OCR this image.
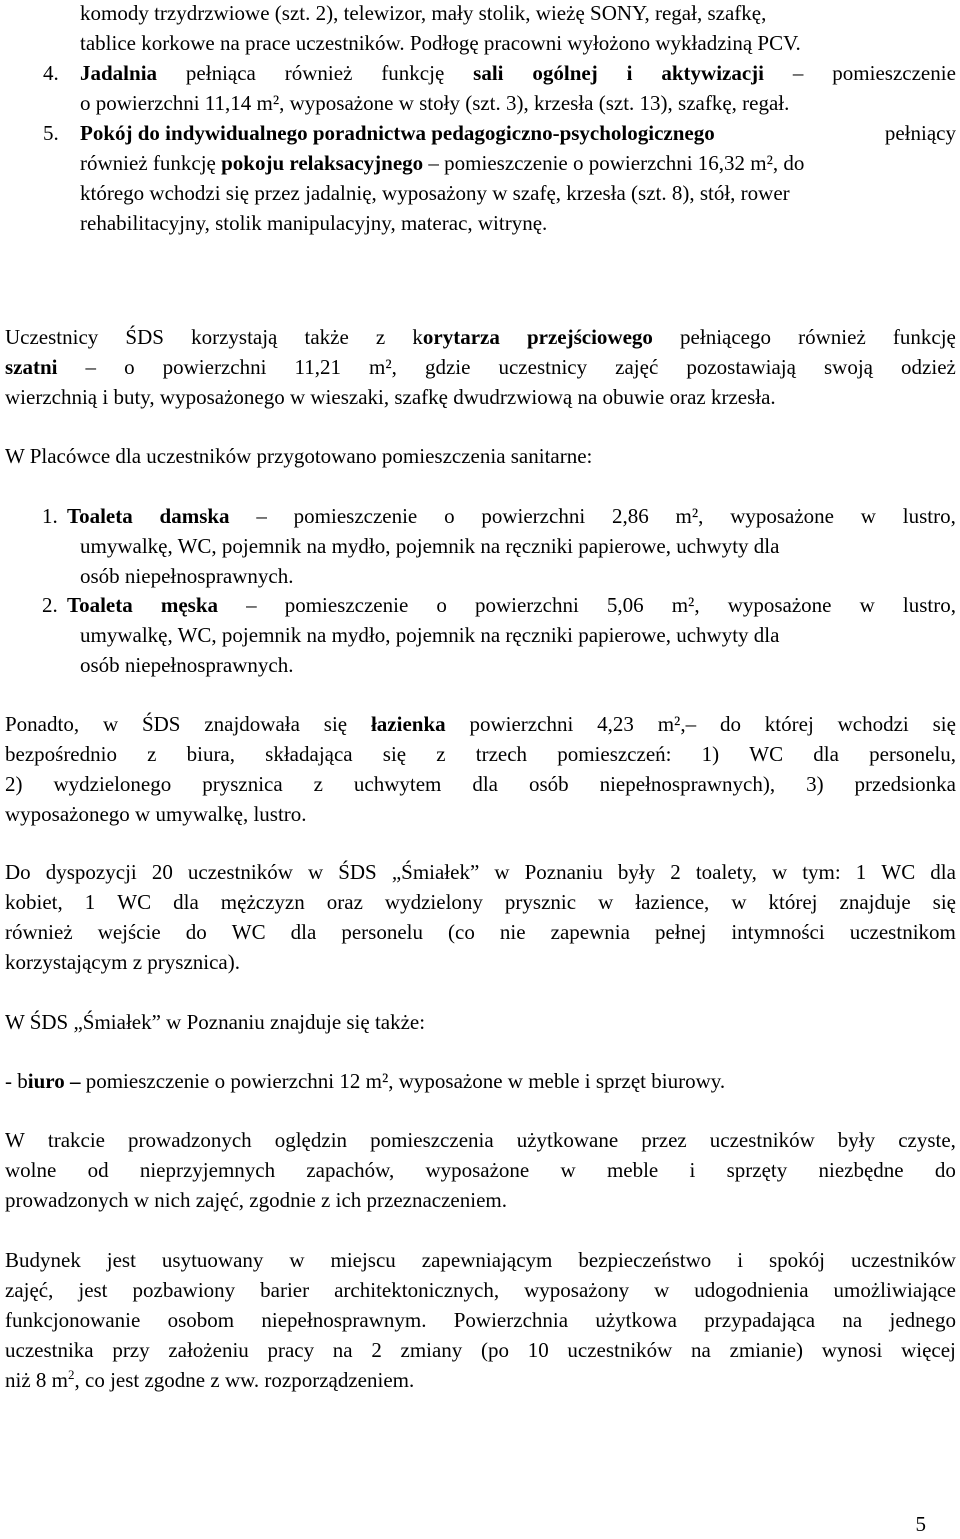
komody trzydrzwiowe (szt. 2), telewizor, mały stolik, wieżę SONY, regał, szafkę,
tablice korkowe na prace uczestników. Podłogę pracowni wyłożono wykładziną PCV.
4.	Jadalnia pełniąca również funkcję sali ogólnej i aktywizacji – pomieszczenie
o powierzchni 11,14 m², wyposażone w stoły (szt. 3), krzesła (szt. 13), szafkę, regał.
5.	Pokój do indywidualnego poradnictwa pedagogiczno-psychologicznego	pełniący
również funkcję pokoju relaksacyjnego – pomieszczenie o powierzchni 16,32 m², do
którego wchodzi się przez jadalnię, wyposażony w szafę, krzesła (szt. 8), stół, rower
rehabilitacyjny, stolik manipulacyjny, materac, witrynę.
Uczestnicy ŚDS korzystają także z korytarza przejściowego pełniącego również funkcję
szatni – o powierzchni 11,21 m², gdzie uczestnicy zajęć pozostawiają swoją odzież
wierzchnią i buty, wyposażonego w wieszaki, szafkę dwudrzwiową na obuwie oraz krzesła.
W Placówce dla uczestników przygotowano pomieszczenia sanitarne:
1. Toaleta damska – pomieszczenie o powierzchni 2,86 m², wyposażone w lustro,
umywalkę, WC, pojemnik na mydło, pojemnik na ręczniki papierowe, uchwyty dla
osób niepełnosprawnych.
2. Toaleta męska – pomieszczenie o powierzchni 5,06 m², wyposażone w lustro,
umywalkę, WC, pojemnik na mydło, pojemnik na ręczniki papierowe, uchwyty dla
osób niepełnosprawnych.
Ponadto, w ŚDS znajdowała się łazienka powierzchni 4,23 m²,– do której wchodzi się
bezpośrednio z biura, składająca się z trzech pomieszczeń: 1) WC dla personelu,
2) wydzielonego prysznica z uchwytem dla osób niepełnosprawnych), 3) przedsionka
wyposażonego w umywalkę, lustro.
Do dyspozycji 20 uczestników w ŚDS „Śmiałek” w Poznaniu były 2 toalety, w tym: 1 WC dla
kobiet, 1 WC dla mężczyzn oraz wydzielony prysznic w łazience, w której znajduje się
również wejście do WC dla personelu (co nie zapewnia pełnej intymności uczestnikom
korzystającym z prysznica).
W ŚDS „Śmiałek” w Poznaniu znajduje się także:
- biuro – pomieszczenie o powierzchni 12 m², wyposażone w meble i sprzęt biurowy.
W trakcie prowadzonych oględzin pomieszczenia użytkowane przez uczestników były czyste,
wolne od nieprzyjemnych zapachów, wyposażone w meble i sprzęty niezbędne do
prowadzonych w nich zajęć, zgodnie z ich przeznaczeniem.
Budynek jest usytuowany w miejscu zapewniającym bezpieczeństwo i spokój uczestników
zajęć, jest pozbawiony barier architektonicznych, wyposażony w udogodnienia umożliwiające
funkcjonowanie osobom niepełnosprawnym. Powierzchnia użytkowa przypadająca na jednego
uczestnika przy założeniu pracy na 2 zmiany (po 10 uczestników na zmianie) wynosi więcej
niż 8 $m^2$, co jest zgodne z ww. rozporządzeniem.
5
